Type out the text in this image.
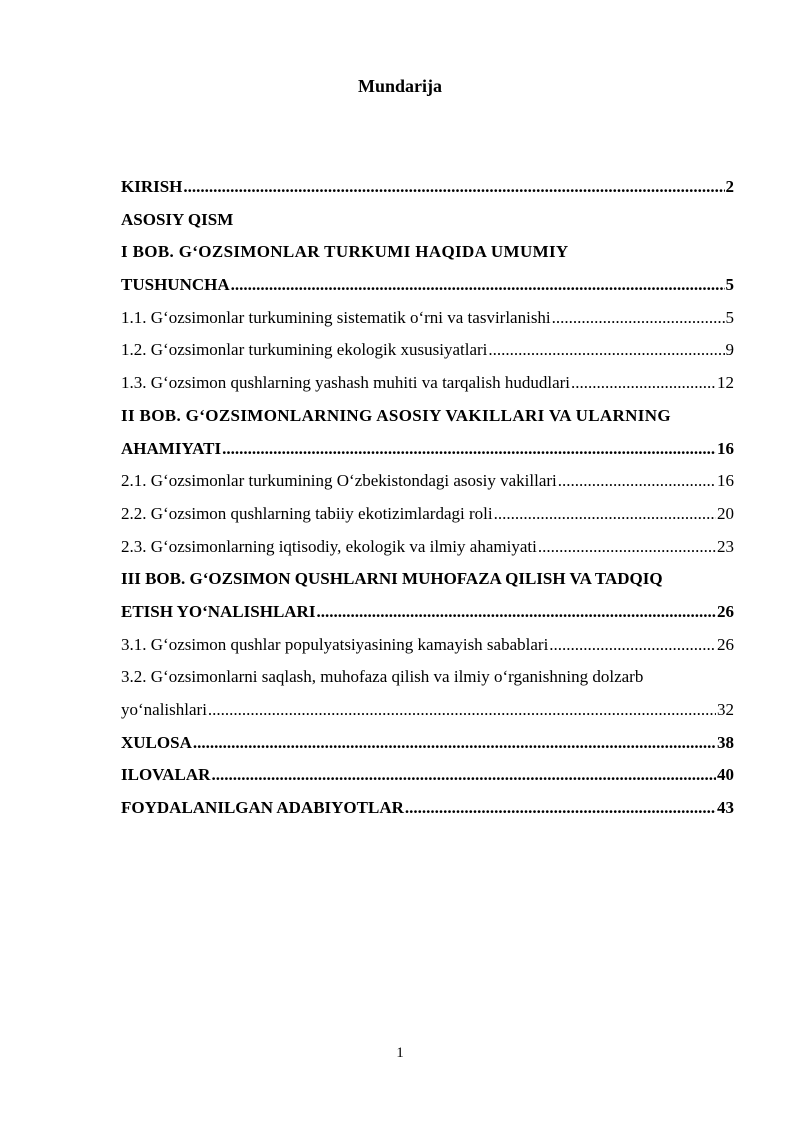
Mundarija
KIRISH .....	2
ASOSIY QISM
I BOB. G‘OZSIMONLAR TURKUMI HAQIDA UMUMIY
TUSHUNCHA .....	5
1.1. G‘ozsimonlar turkumining sistematik o‘rni va tasvirlanishi .....	5
1.2. G‘ozsimonlar turkumining ekologik xususiyatlari .....	9
1.3. G‘ozsimon qushlarning yashash muhiti va tarqalish hududlari .....	12
II BOB. G‘OZSIMONLARNING ASOSIY VAKILLARI VA ULARNING
AHAMIYATI .....	16
2.1. G‘ozsimonlar turkumining O‘zbekistondagi asosiy vakillari .....	16
2.2. G‘ozsimon qushlarning tabiiy ekotizimlardagi roli .....	20
2.3. G‘ozsimonlarning iqtisodiy, ekologik va ilmiy ahamiyati .....	23
III BOB. G‘OZSIMON QUSHLARNI MUHOFAZA QILISH VA TADQIQ
ETISH YO‘NALISHLARI .....	26
3.1. G‘ozsimon qushlar populyatsiyasining kamayish sabablari .....	26
3.2. G‘ozsimonlarni saqlash, muhofaza qilish va ilmiy o‘rganishning dolzarb
yo‘nalishlari .....	32
XULOSA .....	38
ILOVALAR .....	40
FOYDALANILGAN ADABIYOTLAR .....	43
1
